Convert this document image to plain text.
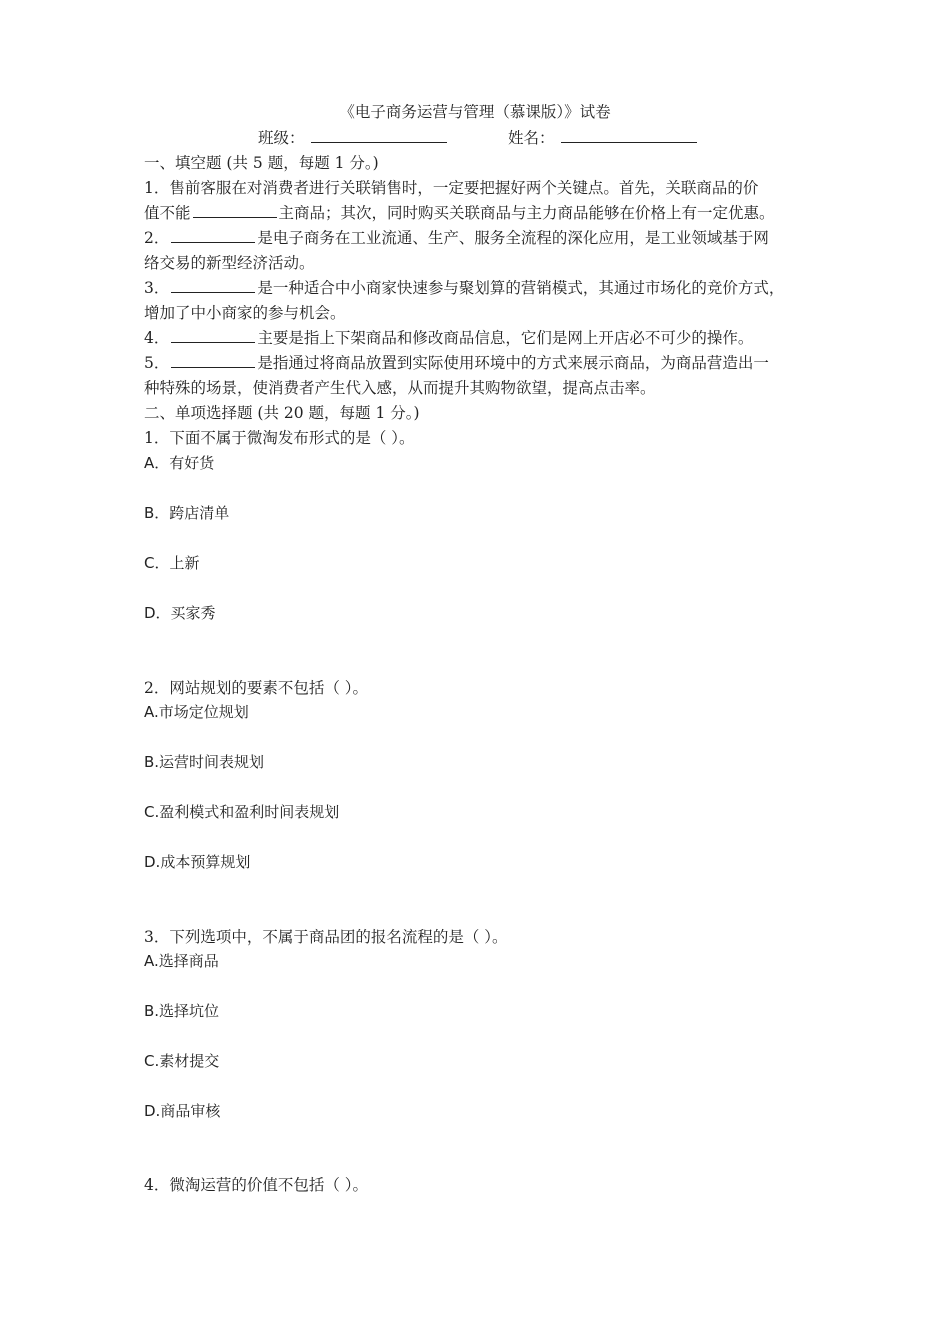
《电子商务运营与管理（慕课版）》试卷
班级：	姓名：
一、填空题 (共 5 题，每题 1 分。)
1．售前客服在对消费者进行关联销售时，一定要把握好两个关键点。首先，关联商品的价
值不能	主商品；其次，同时购买关联商品与主力商品能够在价格上有一定优惠。
2．	是电子商务在工业流通、生产、服务全流程的深化应用，是工业领域基于网
络交易的新型经济活动。
3．	是一种适合中小商家快速参与聚划算的营销模式，其通过市场化的竞价方式，
增加了中小商家的参与机会。
4．	主要是指上下架商品和修改商品信息，它们是网上开店必不可少的操作。
5．	是指通过将商品放置到实际使用环境中的方式来展示商品，为商品营造出一
种特殊的场景，使消费者产生代入感，从而提升其购物欲望，提高点击率。
二、单项选择题 (共 20 题，每题 1 分。)
1．下面不属于微淘发布形式的是（ ）。
A．有好货
B．跨店清单
C．上新
D．买家秀
2．网站规划的要素不包括（ ）。
A.市场定位规划
B.运营时间表规划
C.盈利模式和盈利时间表规划
D.成本预算规划
3．下列选项中，不属于商品团的报名流程的是（ ）。
A.选择商品
B.选择坑位
C.素材提交
D.商品审核
4．微淘运营的价值不包括（ ）。
